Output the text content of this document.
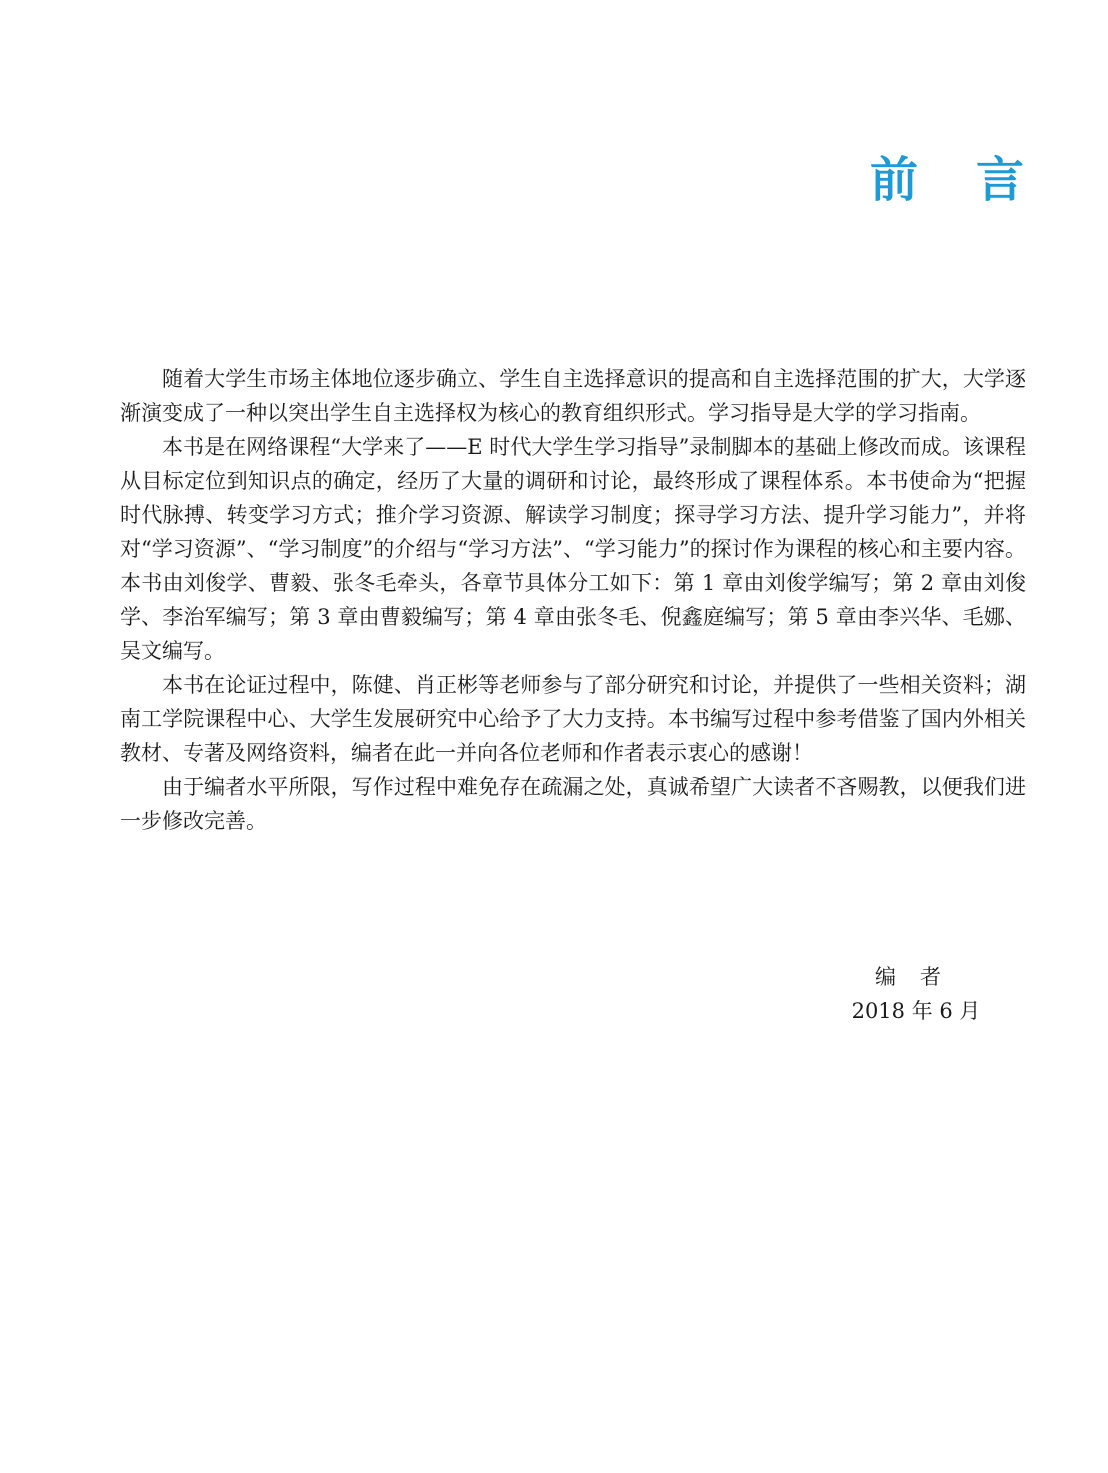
前言

随着大学生市场主体地位逐步确立、学生自主选择意识的提高和自主选择范围的扩大，大学逐渐演变成了一种以突出学生自主选择权为核心的教育组织形式。学习指导是大学的学习指南。

本书是在网络课程“大学来了——E 时代大学生学习指导”录制脚本的基础上修改而成。该课程从目标定位到知识点的确定，经历了大量的调研和讨论，最终形成了课程体系。本书使命为“把握时代脉搏、转变学习方式；推介学习资源、解读学习制度；探寻学习方法、提升学习能力”，并将对“学习资源”、“学习制度”的介绍与“学习方法”、“学习能力”的探讨作为课程的核心和主要内容。本书由刘俊学、曹毅、张冬毛牵头，各章节具体分工如下：第 1 章由刘俊学编写；第 2 章由刘俊学、李治军编写；第 3 章由曹毅编写；第 4 章由张冬毛、倪鑫庭编写；第 5 章由李兴华、毛娜、吴文编写。

本书在论证过程中，陈健、肖正彬等老师参与了部分研究和讨论，并提供了一些相关资料；湖南工学院课程中心、大学生发展研究中心给予了大力支持。本书编写过程中参考借鉴了国内外相关教材、专著及网络资料，编者在此一并向各位老师和作者表示衷心的感谢！

由于编者水平所限，写作过程中难免存在疏漏之处，真诚希望广大读者不吝赐教，以便我们进一步修改完善。

编者
2018 年 6 月
